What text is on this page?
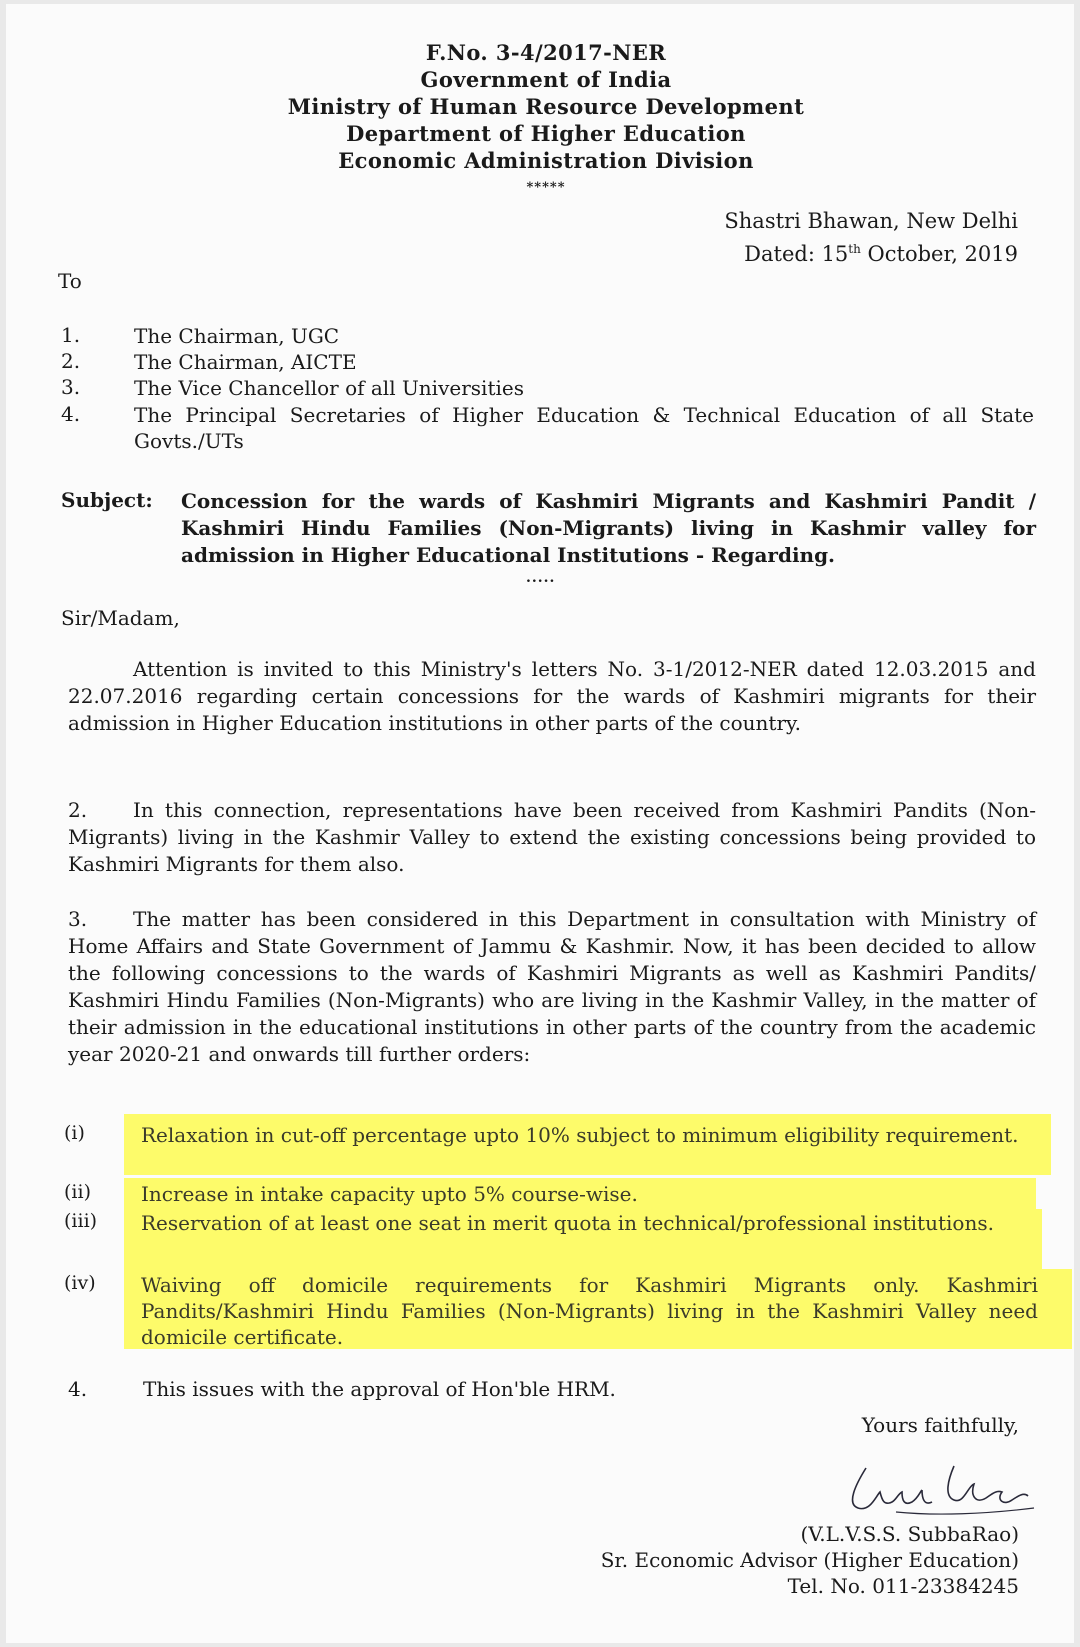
F.No. 3-4/2017-NER
Government of India
Ministry of Human Resource Development
Department of Higher Education
Economic Administration Division
*****
Shastri Bhawan, New Delhi
Dated: 15th October, 2019
To
1.	The Chairman, UGC
2.	The Chairman, AICTE
3.	The Vice Chancellor of all Universities
4.	The Principal Secretaries of Higher Education & Technical Education of all State Govts./UTs
Subject: Concession for the wards of Kashmiri Migrants and Kashmiri Pandit / Kashmiri Hindu Families (Non-Migrants) living in Kashmir valley for admission in Higher Educational Institutions - Regarding.
.....
Sir/Madam,
Attention is invited to this Ministry's letters No. 3-1/2012-NER dated 12.03.2015 and 22.07.2016 regarding certain concessions for the wards of Kashmiri migrants for their admission in Higher Education institutions in other parts of the country.
2. In this connection, representations have been received from Kashmiri Pandits (Non-Migrants) living in the Kashmir Valley to extend the existing concessions being provided to Kashmiri Migrants for them also.
3. The matter has been considered in this Department in consultation with Ministry of Home Affairs and State Government of Jammu & Kashmir. Now, it has been decided to allow the following concessions to the wards of Kashmiri Migrants as well as Kashmiri Pandits/ Kashmiri Hindu Families (Non-Migrants) who are living in the Kashmir Valley, in the matter of their admission in the educational institutions in other parts of the country from the academic year 2020-21 and onwards till further orders:
(i)	Relaxation in cut-off percentage upto 10% subject to minimum eligibility requirement.
(ii)	Increase in intake capacity upto 5% course-wise.
(iii) Reservation of at least one seat in merit quota in technical/professional institutions.
(iv) Waiving off domicile requirements for Kashmiri Migrants only. Kashmiri Pandits/Kashmiri Hindu Families (Non-Migrants) living in the Kashmiri Valley need domicile certificate.
4.	This issues with the approval of Hon'ble HRM.
Yours faithfully,
(V.L.V.S.S. SubbaRao)
Sr. Economic Advisor (Higher Education)
Tel. No. 011-23384245
